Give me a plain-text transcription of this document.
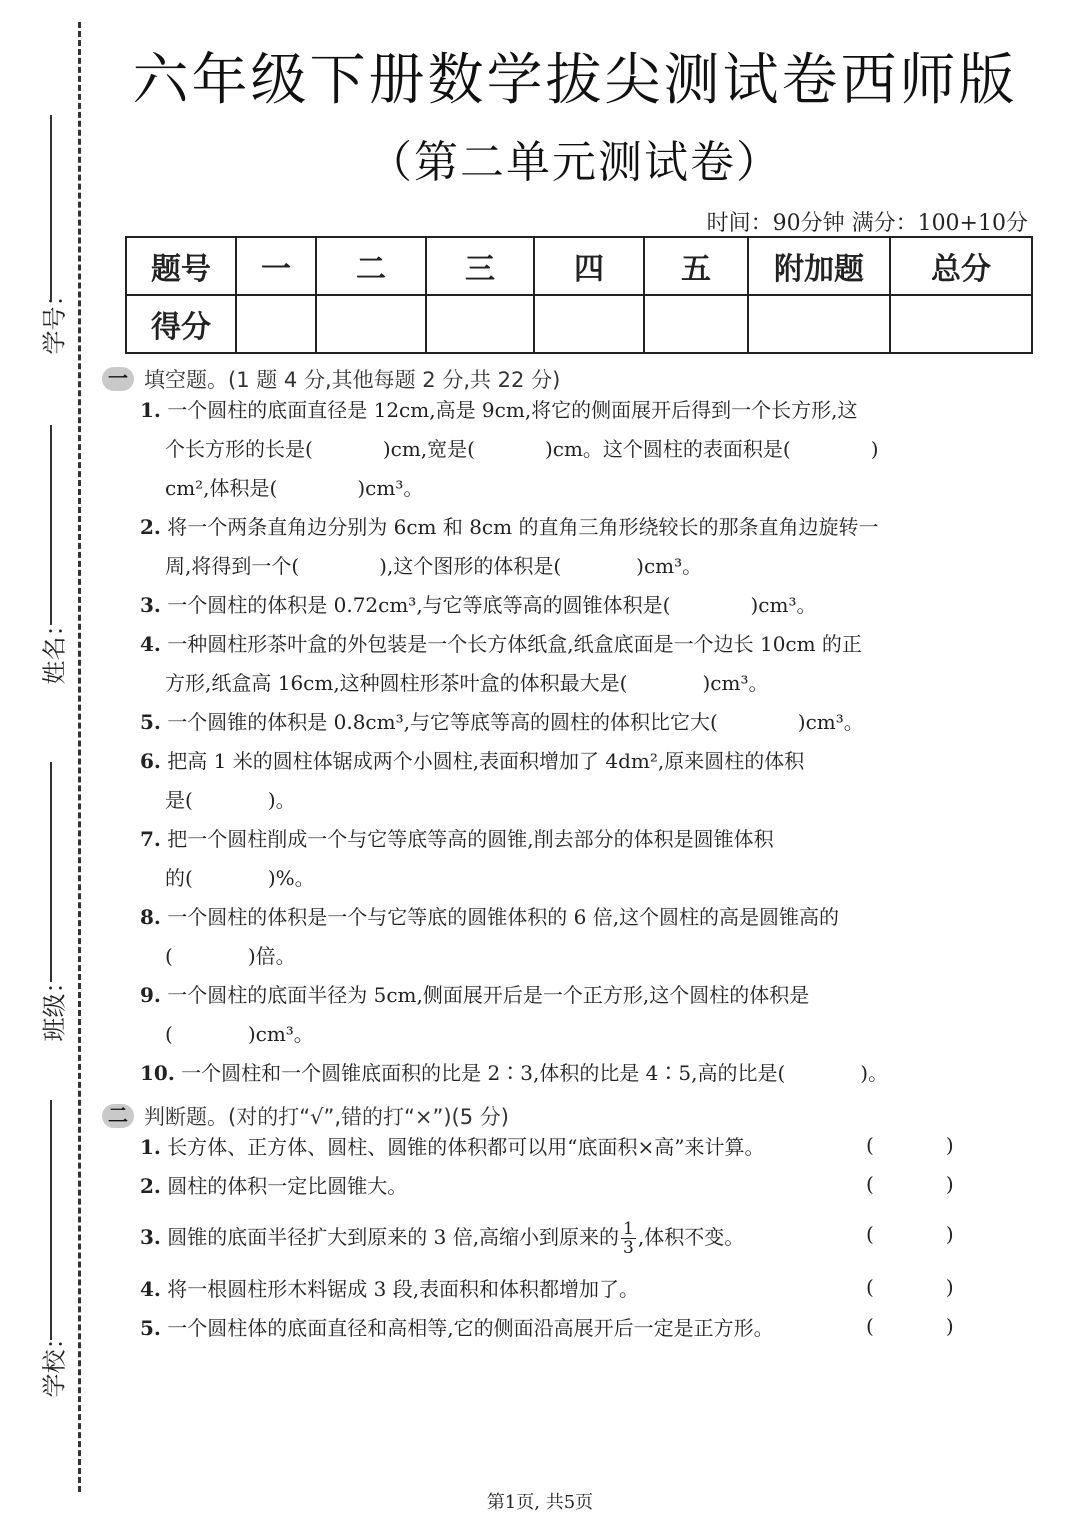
学号：
姓名：
班级：
学校：
六年级下册数学拔尖测试卷西师版
（第二单元测试卷）
时间：90分钟 满分：100+10分
题号	一	二	三	四	五	附加题	总分
得分							
一 填空题。(1 题 4 分,其他每题 2 分,共 22 分)
1. 一个圆柱的底面直径是 12cm,高是 9cm,将它的侧面展开后得到一个长方形,这
个长方形的长是(	)cm,宽是(	)cm。这个圆柱的表面积是(	)
cm²,体积是(	)cm³。
2. 将一个两条直角边分别为 6cm 和 8cm 的直角三角形绕较长的那条直角边旋转一
周,将得到一个(	),这个图形的体积是(	)cm³。
3. 一个圆柱的体积是 0.72cm³,与它等底等高的圆锥体积是(	)cm³。
4. 一种圆柱形茶叶盒的外包装是一个长方体纸盒,纸盒底面是一个边长 10cm 的正
方形,纸盒高 16cm,这种圆柱形茶叶盒的体积最大是(	)cm³。
5. 一个圆锥的体积是 0.8cm³,与它等底等高的圆柱的体积比它大(	)cm³。
6. 把高 1 米的圆柱体锯成两个小圆柱,表面积增加了 4dm²,原来圆柱的体积
是(	)。
7. 把一个圆柱削成一个与它等底等高的圆锥,削去部分的体积是圆锥体积
的(	)%。
8. 一个圆柱的体积是一个与它等底的圆锥体积的 6 倍,这个圆柱的高是圆锥高的
(	)倍。
9. 一个圆柱的底面半径为 5cm,侧面展开后是一个正方形,这个圆柱的体积是
(	)cm³。
10. 一个圆柱和一个圆锥底面积的比是 2∶3,体积的比是 4∶5,高的比是(	)。
二 判断题。(对的打“√”,错的打“×”)(5 分)
1. 长方体、正方体、圆柱、圆锥的体积都可以用“底面积×高”来计算。	(	)
2. 圆柱的体积一定比圆锥大。	(	)
3. 圆锥的底面半径扩大到原来的 3 倍,高缩小到原来的 $\frac{1}{3}$ ,体积不变。	(	)
4. 将一根圆柱形木料锯成 3 段,表面积和体积都增加了。	(	)
5. 一个圆柱体的底面直径和高相等,它的侧面沿高展开后一定是正方形。	(	)
第1页, 共5页
